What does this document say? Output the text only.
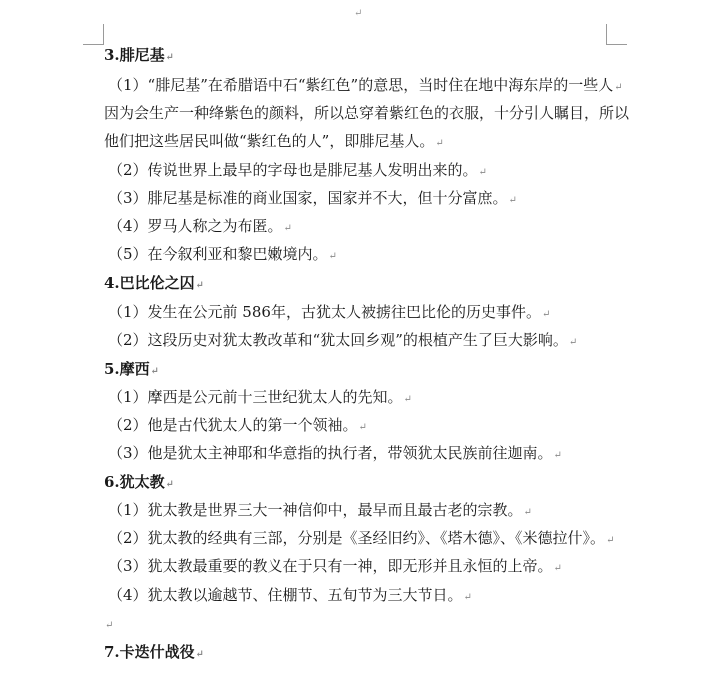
↵
3.腓尼基↵
（1）“腓尼基”在希腊语中石“紫红色”的意思，当时住在地中海东岸的一些人↵
因为会生产一种绛紫色的颜料，所以总穿着紫红色的衣服，十分引人瞩目，所以
他们把这些居民叫做“紫红色的人”，即腓尼基人。↵
（2）传说世界上最早的字母也是腓尼基人发明出来的。↵
（3）腓尼基是标准的商业国家，国家并不大，但十分富庶。↵
（4）罗马人称之为布匿。↵
（5）在今叙利亚和黎巴嫩境内。↵
4.巴比伦之囚↵
（1）发生在公元前 586年，古犹太人被掳往巴比伦的历史事件。↵
（2）这段历史对犹太教改革和“犹太回乡观”的根植产生了巨大影响。↵
5.摩西↵
（1）摩西是公元前十三世纪犹太人的先知。↵
（2）他是古代犹太人的第一个领袖。↵
（3）他是犹太主神耶和华意指的执行者，带领犹太民族前往迦南。↵
6.犹太教↵
（1）犹太教是世界三大一神信仰中，最早而且最古老的宗教。↵
（2）犹太教的经典有三部，分别是《圣经旧约》、《塔木德》、《米德拉什》。↵
（3）犹太教最重要的教义在于只有一神，即无形并且永恒的上帝。↵
（4）犹太教以逾越节、住棚节、五旬节为三大节日。↵
↵
7.卡迭什战役↵
